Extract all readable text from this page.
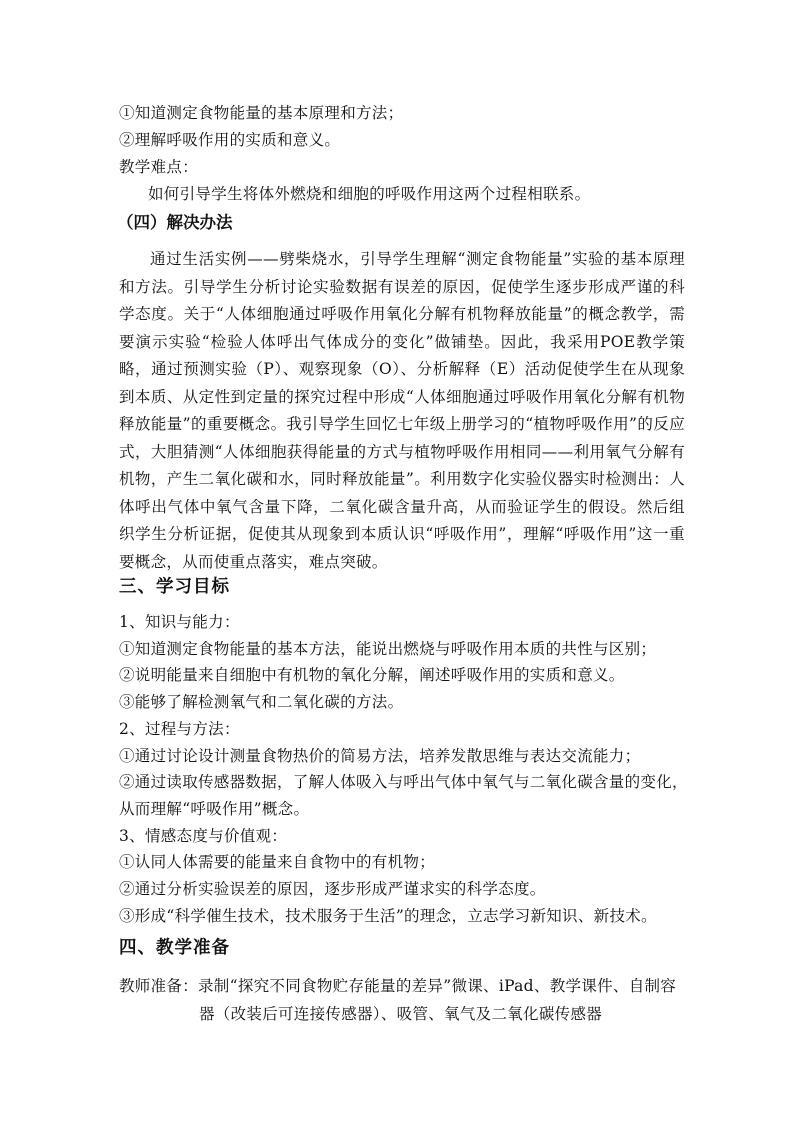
①知道测定食物能量的基本原理和方法；
②理解呼吸作用的实质和意义。
教学难点：
如何引导学生将体外燃烧和细胞的呼吸作用这两个过程相联系。
（四）解决办法
通过生活实例——劈柴烧水，引导学生理解“测定食物能量”实验的基本原理和方法。引导学生分析讨论实验数据有误差的原因，促使学生逐步形成严谨的科学态度。关于“人体细胞通过呼吸作用氧化分解有机物释放能量”的概念教学，需要演示实验“检验人体呼出气体成分的变化”做铺垫。因此，我采用POE教学策略，通过预测实验（P）、观察现象（O）、分析解释（E）活动促使学生在从现象到本质、从定性到定量的探究过程中形成“人体细胞通过呼吸作用氧化分解有机物释放能量”的重要概念。我引导学生回忆七年级上册学习的“植物呼吸作用”的反应式，大胆猜测“人体细胞获得能量的方式与植物呼吸作用相同——利用氧气分解有机物，产生二氧化碳和水，同时释放能量”。利用数字化实验仪器实时检测出：人体呼出气体中氧气含量下降，二氧化碳含量升高，从而验证学生的假设。然后组织学生分析证据，促使其从现象到本质认识“呼吸作用”，理解“呼吸作用”这一重要概念，从而使重点落实，难点突破。
三、学习目标
1、知识与能力：
①知道测定食物能量的基本方法，能说出燃烧与呼吸作用本质的共性与区别；
②说明能量来自细胞中有机物的氧化分解，阐述呼吸作用的实质和意义。
③能够了解检测氧气和二氧化碳的方法。
2、过程与方法：
①通过讨论设计测量食物热价的简易方法，培养发散思维与表达交流能力；
②通过读取传感器数据，了解人体吸入与呼出气体中氧气与二氧化碳含量的变化，
从而理解“呼吸作用”概念。
3、情感态度与价值观：
①认同人体需要的能量来自食物中的有机物；
②通过分析实验误差的原因，逐步形成严谨求实的科学态度。
③形成“科学催生技术，技术服务于生活”的理念，立志学习新知识、新技术。
四、教学准备
教师准备：录制“探究不同食物贮存能量的差异”微课、iPad、教学课件、自制容
器（改装后可连接传感器）、吸管、氧气及二氧化碳传感器
